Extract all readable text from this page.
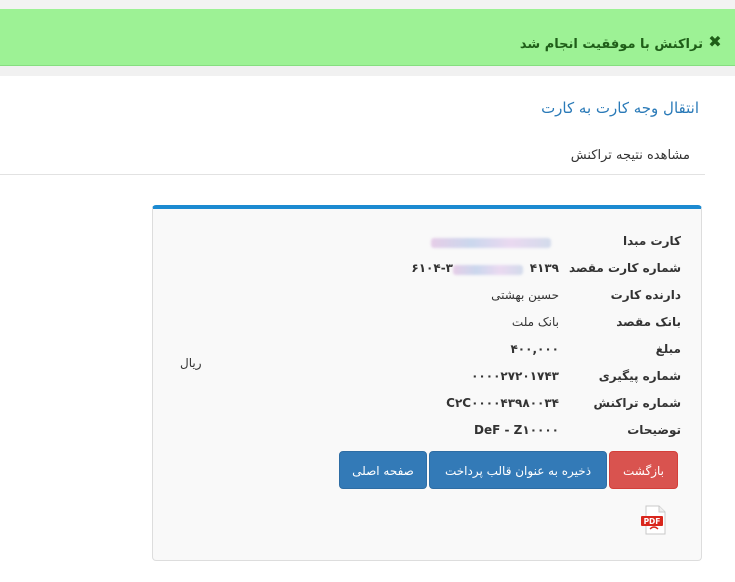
تراکنش با موفقیت انجام شد ✖
انتقال وجه کارت به کارت
مشاهده نتیجه تراکنش
کارت مبدا
شماره کارت مقصد
۴۱۳۹
۶۱۰۴-۳
دارنده کارت
حسین بهشتی
بانک مقصد
بانک ملت
مبلغ
۴۰۰,۰۰۰
ریال
شماره پیگیری
۰۰۰۰۲۷۲۰۱۷۴۳
شماره تراکنش
C۲C۰۰۰۰۴۳۹۸۰۰۳۴
توضیحات
DeF - Z۱۰۰۰۰
بازگشت
ذخیره به عنوان قالب پرداخت
صفحه اصلی
PDF
